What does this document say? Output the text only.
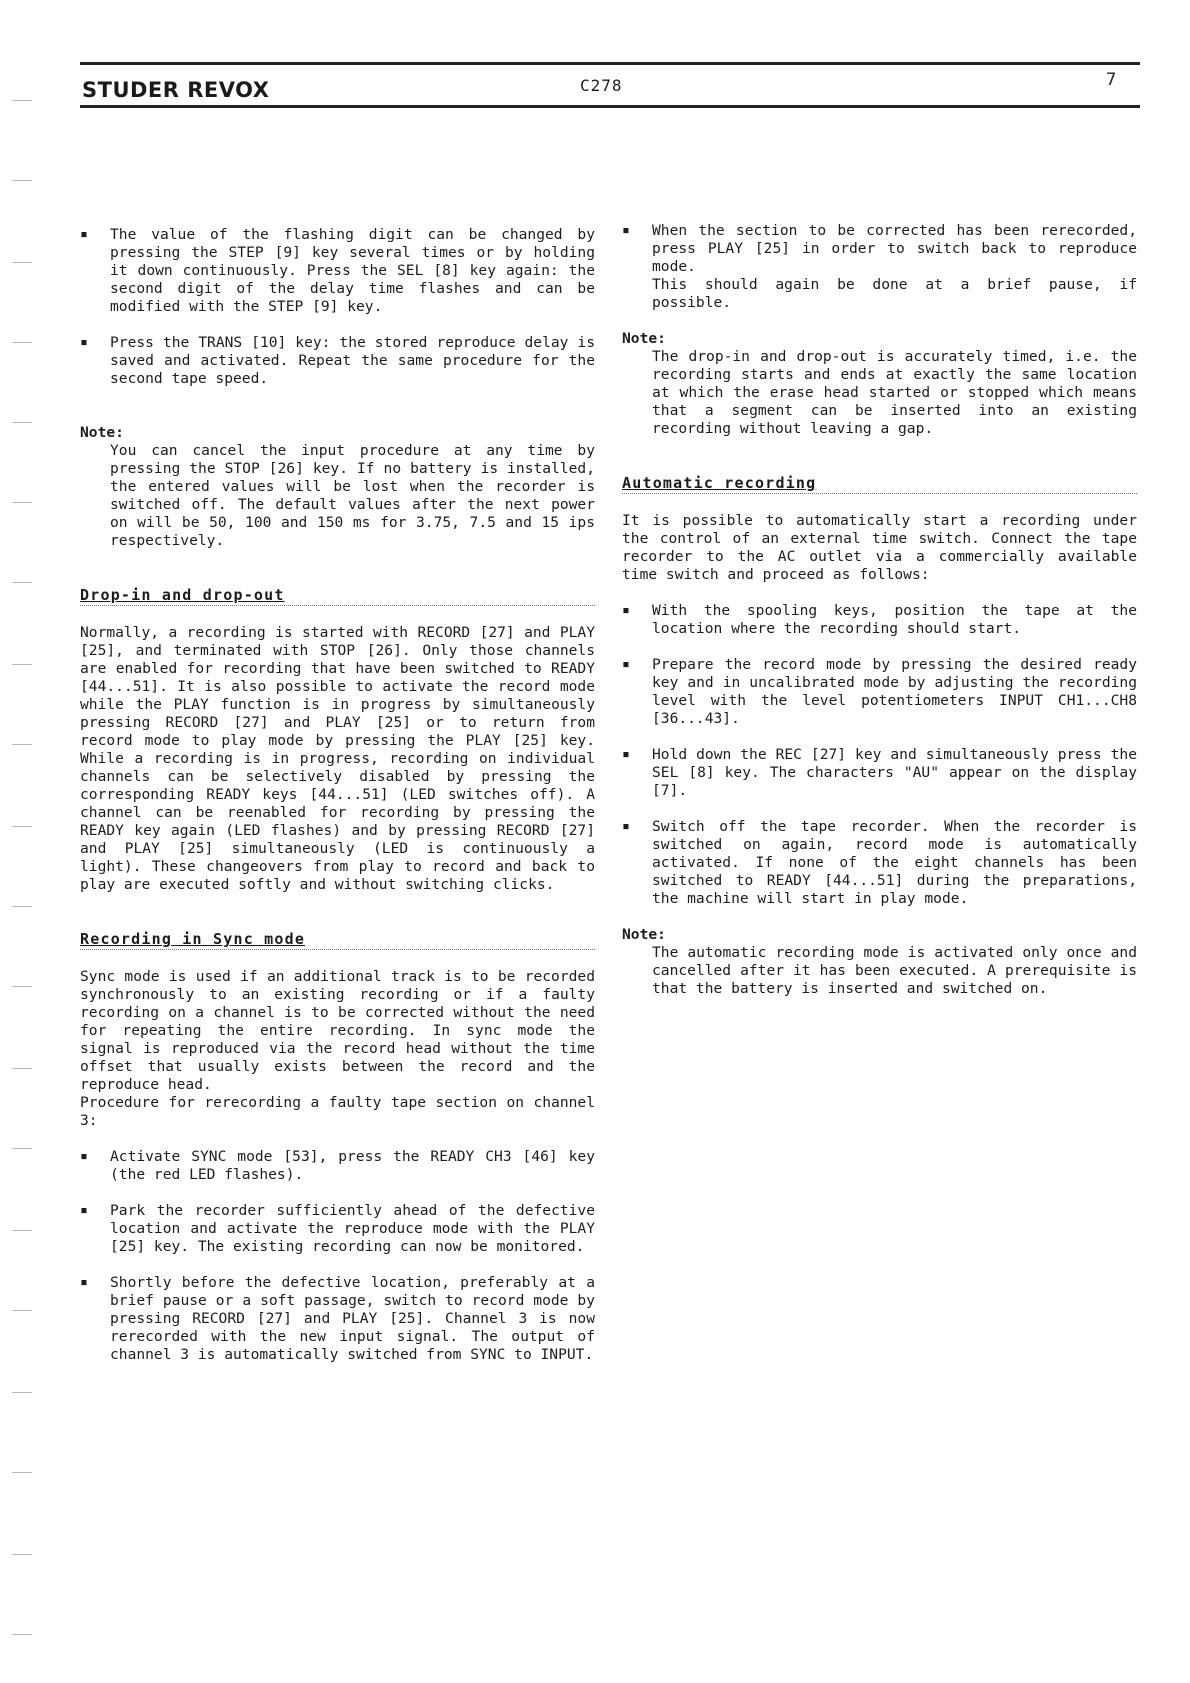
STUDER REVOX	C278	7
▪ The value of the flashing digit can be changed by pressing the STEP [9] key several times or by holding it down continuously. Press the SEL [8] key again: the second digit of the delay time flashes and can be modified with the STEP [9] key.
▪ Press the TRANS [10] key: the stored reproduce delay is saved and activated. Repeat the same procedure for the second tape speed.
Note:
You can cancel the input procedure at any time by pressing the STOP [26] key. If no battery is installed, the entered values will be lost when the recorder is switched off. The default values after the next power on will be 50, 100 and 150 ms for 3.75, 7.5 and 15 ips respectively.
Drop-in and drop-out
Normally, a recording is started with RECORD [27] and PLAY [25], and terminated with STOP [26]. Only those channels are enabled for recording that have been switched to READY [44...51]. It is also possible to activate the record mode while the PLAY function is in progress by simultaneously pressing RECORD [27] and PLAY [25] or to return from record mode to play mode by pressing the PLAY [25] key. While a recording is in progress, recording on individual channels can be selectively disabled by pressing the corresponding READY keys [44...51] (LED switches off). A channel can be reenabled for recording by pressing the READY key again (LED flashes) and by pressing RECORD [27] and PLAY [25] simultaneously (LED is continuously a light). These changeovers from play to record and back to play are executed softly and without switching clicks.
Recording in Sync mode
Sync mode is used if an additional track is to be recorded synchronously to an existing recording or if a faulty recording on a channel is to be corrected without the need for repeating the entire recording. In sync mode the signal is reproduced via the record head without the time offset that usually exists between the record and the reproduce head.
Procedure for rerecording a faulty tape section on channel 3:
▪ Activate SYNC mode [53], press the READY CH3 [46] key (the red LED flashes).
▪ Park the recorder sufficiently ahead of the defective location and activate the reproduce mode with the PLAY [25] key. The existing recording can now be monitored.
▪ Shortly before the defective location, preferably at a brief pause or a soft passage, switch to record mode by pressing RECORD [27] and PLAY [25]. Channel 3 is now rerecorded with the new input signal. The output of channel 3 is automatically switched from SYNC to INPUT.
▪ When the section to be corrected has been rerecorded, press PLAY [25] in order to switch back to reproduce mode.
This should again be done at a brief pause, if possible.
Note:
The drop-in and drop-out is accurately timed, i.e. the recording starts and ends at exactly the same location at which the erase head started or stopped which means that a segment can be inserted into an existing recording without leaving a gap.
Automatic recording
It is possible to automatically start a recording under the control of an external time switch. Connect the tape recorder to the AC outlet via a commercially available time switch and proceed as follows:
▪ With the spooling keys, position the tape at the location where the recording should start.
▪ Prepare the record mode by pressing the desired ready key and in uncalibrated mode by adjusting the recording level with the level potentiometers INPUT CH1...CH8 [36...43].
▪ Hold down the REC [27] key and simultaneously press the SEL [8] key. The characters "AU" appear on the display [7].
▪ Switch off the tape recorder. When the recorder is switched on again, record mode is automatically activated. If none of the eight channels has been switched to READY [44...51] during the preparations, the machine will start in play mode.
Note:
The automatic recording mode is activated only once and cancelled after it has been executed. A prerequisite is that the battery is inserted and switched on.
